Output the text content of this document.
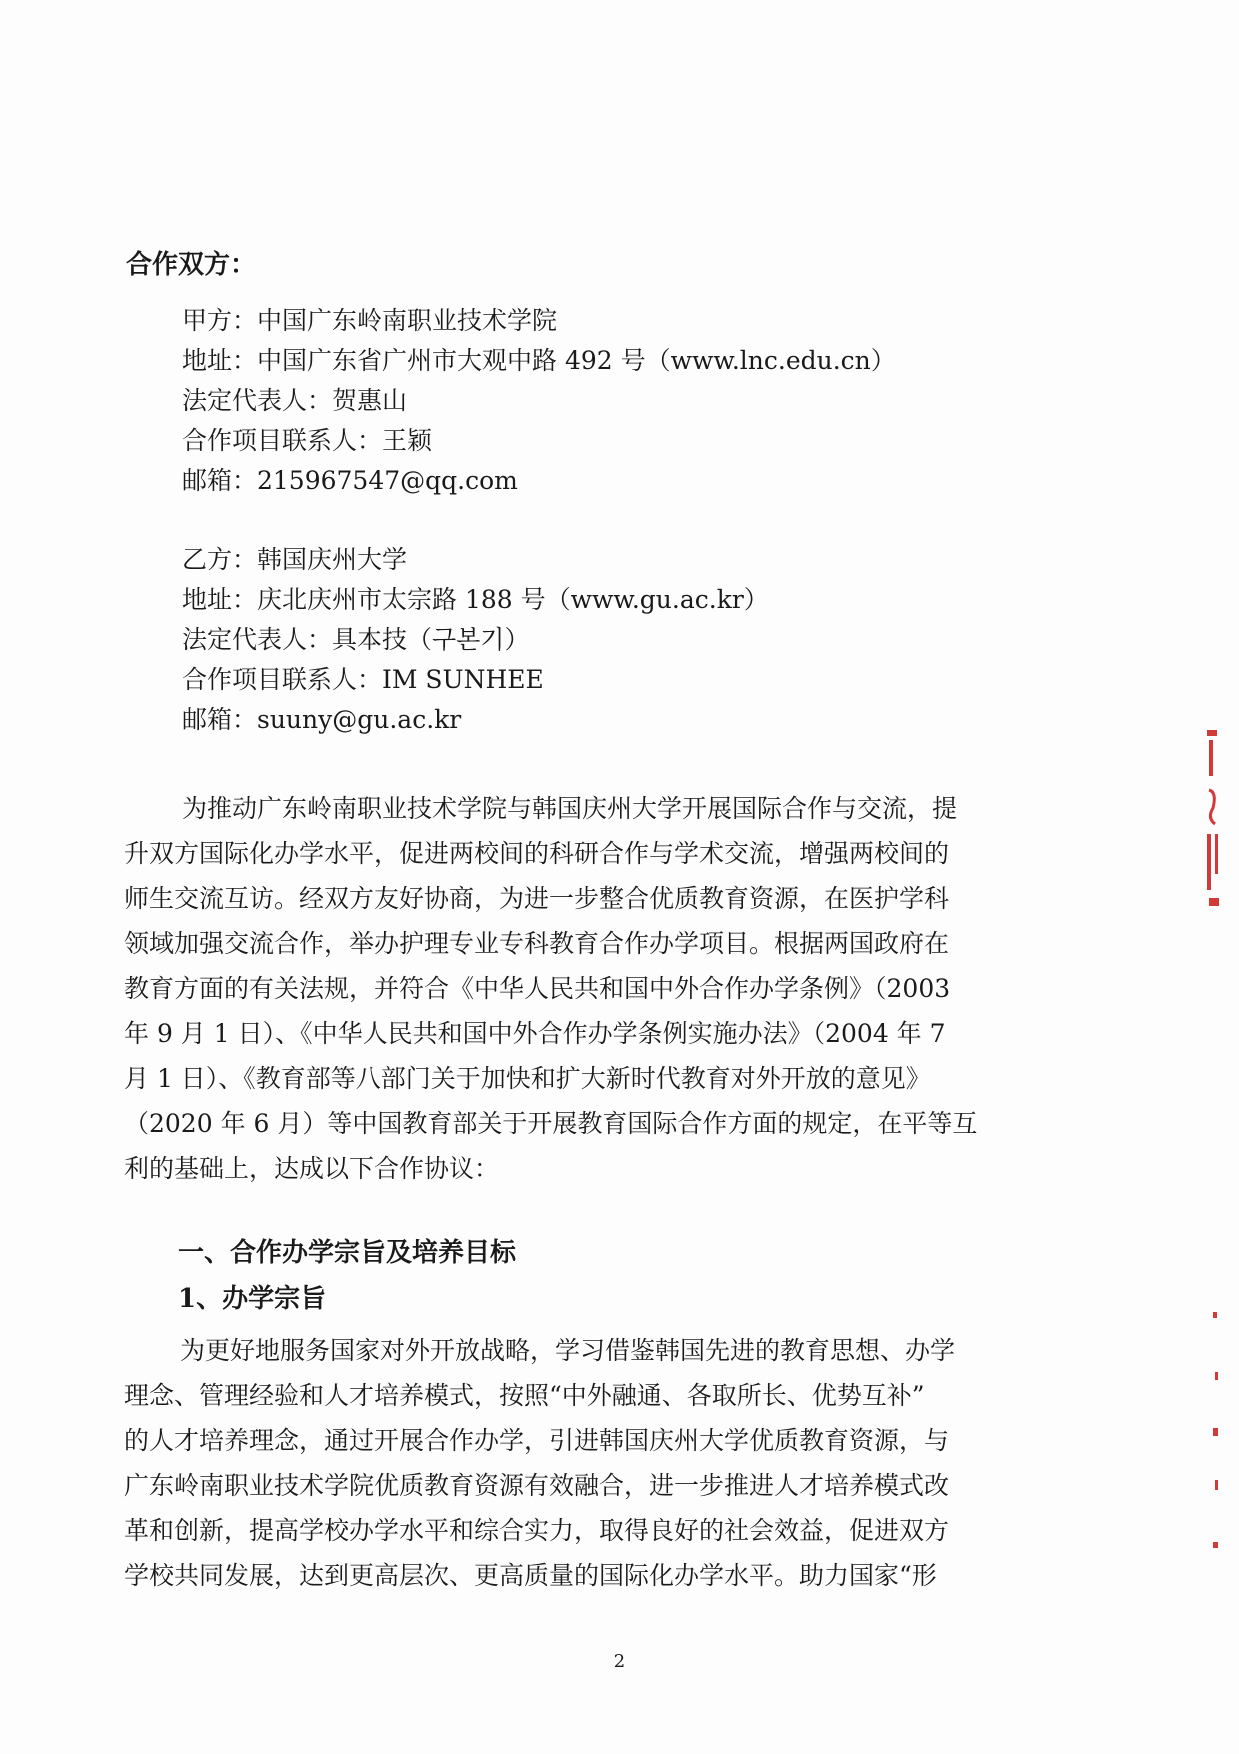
合作双方：
甲方：中国广东岭南职业技术学院
地址：中国广东省广州市大观中路 492 号（www.lnc.edu.cn）
法定代表人：贺惠山
合作项目联系人：王颖
邮箱：215967547@qq.com
乙方：韩国庆州大学
地址：庆北庆州市太宗路 188 号（www.gu.ac.kr）
法定代表人：具本技（구본기）
合作项目联系人：IM SUNHEE
邮箱：suuny@gu.ac.kr

为推动广东岭南职业技术学院与韩国庆州大学开展国际合作与交流，提

升双方国际化办学水平，促进两校间的科研合作与学术交流，增强两校间的

师生交流互访。经双方友好协商，为进一步整合优质教育资源，在医护学科

领域加强交流合作，举办护理专业专科教育合作办学项目。根据两国政府在

教育方面的有关法规，并符合《中华人民共和国中外合作办学条例》（2003

年 9 月 1 日）、《中华人民共和国中外合作办学条例实施办法》（2004 年 7

月 1 日）、《教育部等八部门关于加快和扩大新时代教育对外开放的意见》

（2020 年 6 月）等中国教育部关于开展教育国际合作方面的规定，在平等互

利的基础上，达成以下合作协议：

一、合作办学宗旨及培养目标
1、办学宗旨

为更好地服务国家对外开放战略，学习借鉴韩国先进的教育思想、办学

理念、管理经验和人才培养模式，按照“中外融通、各取所长、优势互补”

的人才培养理念，通过开展合作办学，引进韩国庆州大学优质教育资源，与

广东岭南职业技术学院优质教育资源有效融合，进一步推进人才培养模式改

革和创新，提高学校办学水平和综合实力，取得良好的社会效益，促进双方

学校共同发展，达到更高层次、更高质量的国际化办学水平。助力国家“形

2
